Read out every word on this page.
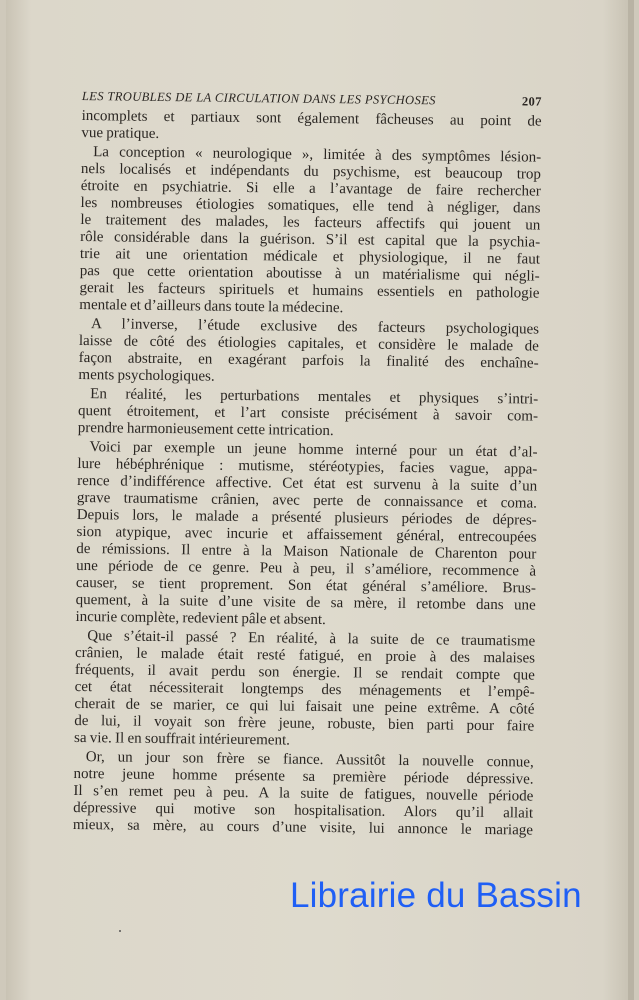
LES TROUBLES DE LA CIRCULATION DANS LES PSYCHOSES	207
incomplets et partiaux sont également fâcheuses au point de
vue pratique.
La conception « neurologique », limitée à des symptômes lésion-
nels localisés et indépendants du psychisme, est beaucoup trop
étroite en psychiatrie. Si elle a l’avantage de faire rechercher
les nombreuses étiologies somatiques, elle tend à négliger, dans
le traitement des malades, les facteurs affectifs qui jouent un
rôle considérable dans la guérison. S’il est capital que la psychia-
trie ait une orientation médicale et physiologique, il ne faut
pas que cette orientation aboutisse à un matérialisme qui négli-
gerait les facteurs spirituels et humains essentiels en pathologie
mentale et d’ailleurs dans toute la médecine.
A l’inverse, l’étude exclusive des facteurs psychologiques
laisse de côté des étiologies capitales, et considère le malade de
façon abstraite, en exagérant parfois la finalité des enchaîne-
ments psychologiques.
En réalité, les perturbations mentales et physiques s’intri-
quent étroitement, et l’art consiste précisément à savoir com-
prendre harmonieusement cette intrication.
Voici par exemple un jeune homme interné pour un état d’al-
lure hébéphrénique : mutisme, stéréotypies, facies vague, appa-
rence d’indifférence affective. Cet état est survenu à la suite d’un
grave traumatisme crânien, avec perte de connaissance et coma.
Depuis lors, le malade a présenté plusieurs périodes de dépres-
sion atypique, avec incurie et affaissement général, entrecoupées
de rémissions. Il entre à la Maison Nationale de Charenton pour
une période de ce genre. Peu à peu, il s’améliore, recommence à
causer, se tient proprement. Son état général s’améliore. Brus-
quement, à la suite d’une visite de sa mère, il retombe dans une
incurie complète, redevient pâle et absent.
Que s’était-il passé ? En réalité, à la suite de ce traumatisme
crânien, le malade était resté fatigué, en proie à des malaises
fréquents, il avait perdu son énergie. Il se rendait compte que
cet état nécessiterait longtemps des ménagements et l’empê-
cherait de se marier, ce qui lui faisait une peine extrême. A côté
de lui, il voyait son frère jeune, robuste, bien parti pour faire
sa vie. Il en souffrait intérieurement.
Or, un jour son frère se fiance. Aussitôt la nouvelle connue,
notre jeune homme présente sa première période dépressive.
Il s’en remet peu à peu. A la suite de fatigues, nouvelle période
dépressive qui motive son hospitalisation. Alors qu’il allait
mieux, sa mère, au cours d’une visite, lui annonce le mariage
Librairie du Bassin
